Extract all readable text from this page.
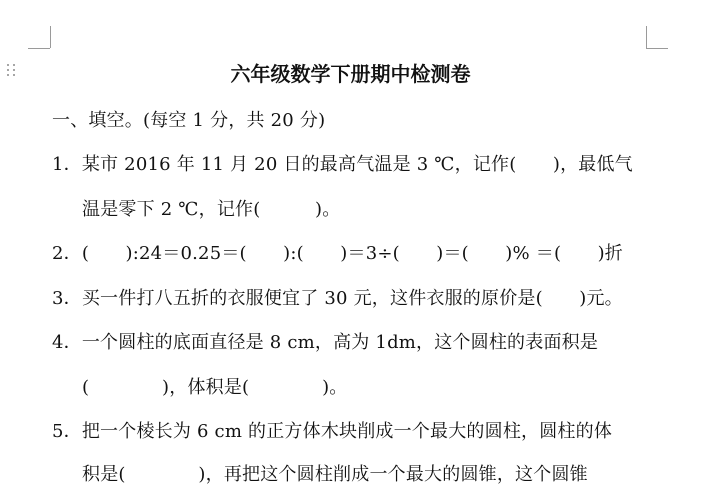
六年级数学下册期中检测卷
一、填空。(每空 1 分，共 20 分)
1．某市 2016 年 11 月 20 日的最高气温是 3 ℃，记作(　　)，最低气
温是零下 2 ℃，记作(　　　)。
2．(　　):24＝0.25＝(　　):(　　)＝3÷(　　)＝(　　)% ＝(　　)折
3．买一件打八五折的衣服便宜了 30 元，这件衣服的原价是(　　)元。
4．一个圆柱的底面直径是 8 cm，高为 1dm，这个圆柱的表面积是
(　　　　)，体积是(　　　　)。
5．把一个棱长为 6 cm 的正方体木块削成一个最大的圆柱，圆柱的体
积是(　　　　)，再把这个圆柱削成一个最大的圆锥，这个圆锥
